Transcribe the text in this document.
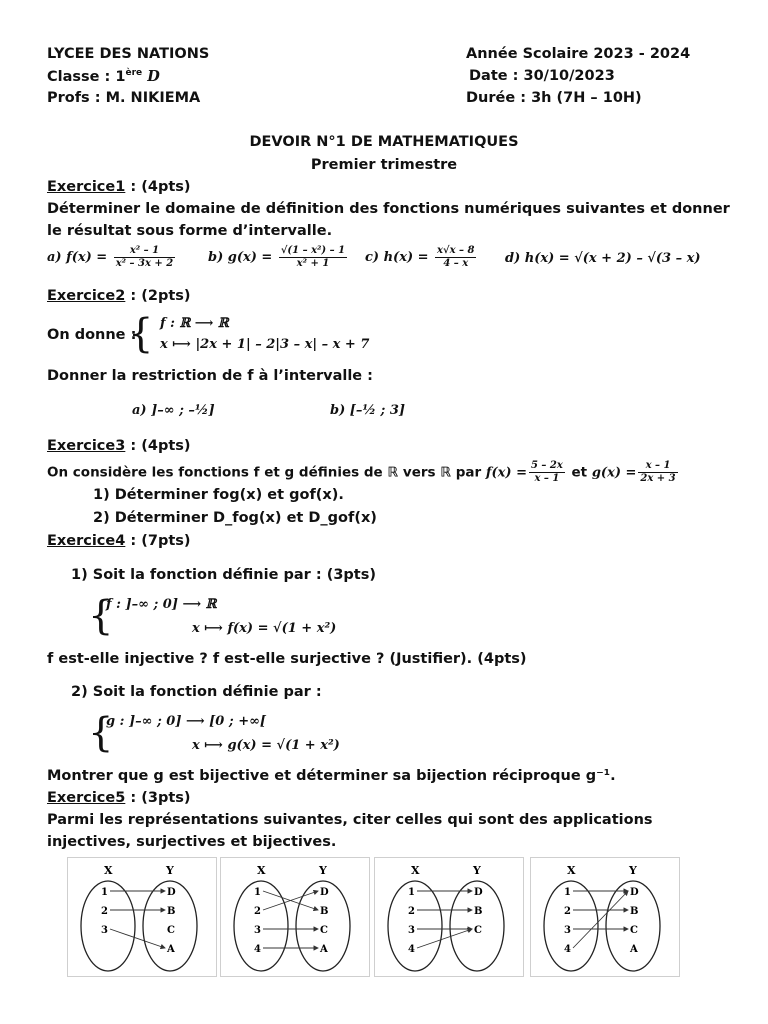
LYCEE DES NATIONS	Année Scolaire 2023 - 2024
Classe : 1ère D	Date : 30/10/2023
Profs : M. NIKIEMA	Durée : 3h (7H – 10H)
DEVOIR N°1 DE MATHEMATIQUES
Premier trimestre
Exercice1 : (4pts)
Déterminer le domaine de définition des fonctions numériques suivantes et donner
le résultat sous forme d’intervalle.
a) $f(x) = \frac{\text{x² – 1}}{\text{x² – 3x + 2}}$	b) $g(x) = \frac{\text{√(1 – x²) – 1}}{\text{x² + 1}} c$) $h(x) = \frac{x√x - 8}{4 - x} d$) h(x) = √(x + 2) – √(3 – x)
Exercice2 : (2pts)
On donne :
{ f : ℝ ⟶ ℝ
x ⟼ |2x + 1| – 2|3 – x| – x + 7
Donner la restriction de f à l’intervalle :
a) ]–∞ ; –½]	b) [–½ ; 3]
Exercice3 : (4pts)
On considère les fonctions f et g définies de ℝ vers ℝ par $f(x) = \frac{5 - 2x}{x - 1}$ et $g(x) = \frac{x - 1}{2x + 3}$
1) Déterminer fog(x) et gof(x).
2) Déterminer D_fog(x) et D_gof(x)
Exercice4 : (7pts)
1) Soit la fonction définie par : (3pts)
{
f : ]–∞ ; 0] ⟶ ℝ
x ⟼ f(x) = √(1 + x²)
f est-elle injective ? f est-elle surjective ? (Justifier). (4pts)
2) Soit la fonction définie par :
{
g : ]–∞ ; 0] ⟶ [0 ; +∞[
x ⟼ g(x) = √(1 + x²)
Montrer que g est bijective et déterminer sa bijection réciproque g⁻¹.
Exercice5 : (3pts)
Parmi les représentations suivantes, citer celles qui sont des applications
injectives, surjectives et bijectives.
X	Y
1
2
3
D
B
C
A
X	Y
1
2
3
4
D
B
C
A
X	Y
1
2
3
4
D
B
C
X	Y
1
2
3
4
D
B
C
A
